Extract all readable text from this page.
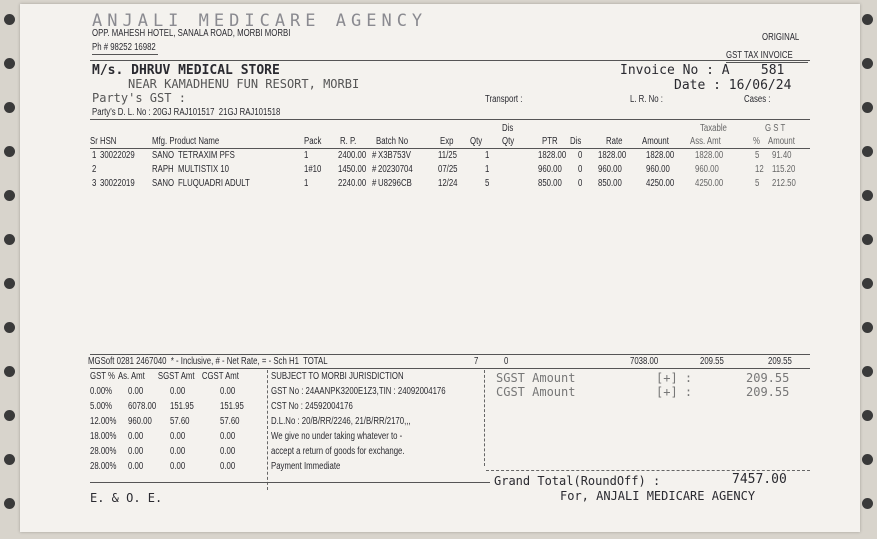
ANJALI MEDICARE AGENCY
OPP. MAHESH HOTEL, SANALA ROAD, MORBI MORBI
Ph # 98252 16982
ORIGINAL
GST TAX INVOICE
M/s. DHRUV MEDICAL STORE
NEAR KAMADHENU FUN RESORT, MORBI
Party's GST :
Party's D. L. No : 20GJ RAJ101517  21GJ RAJ101518
Invoice No : A    581
Date : 16/06/24
Transport :	L. R. No :	Cases :
Sr HSN	Mfg. Product Name	Pack R. P. Batch No	Exp Qty
Dis
Qty	PTR Dis Rate Amount
Taxable
Ass. Amt
G S T
% Amount
1 30022029 SANO TETRAXIM PFS	1	2400.00 # X3B753V	11/25	1	1828.00 0 1828.00 1828.00 1828.00	5 91.40
2	RAPH MULTISTIX 10	1#10 1450.00 # 20230704	07/25	1	960.00 0 960.00 960.00	960.00	12 115.20
3 30022019 SANO FLUQUADRI ADULT	1	2240.00 # U8296CB	12/24	5	850.00 0 850.00 4250.00 4250.00	5 212.50
MGSoft 0281 2467040  * - Inclusive, # - Net Rate, = - Sch H1  TOTAL	7	0	7038.00	209.55	209.55
GST % As. Amt SGST Amt CGST Amt
0.00% 0.00	0.00	0.00
5.00% 6078.00 151.95	151.95
12.00% 960.00 57.60	57.60
18.00% 0.00	0.00	0.00
28.00% 0.00	0.00	0.00
28.00% 0.00	0.00	0.00
SUBJECT TO MORBI JURISDICTION
GST No : 24AANPK3200E1Z3,TIN : 24092004176
CST No : 24592004176
D.L.No : 20/B/RR/2246, 21/B/RR/2170,,,
We give no under taking whatever to -
accept a return of goods for exchange.
Payment Immediate
SGST Amount	[+] :	209.55
CGST Amount	[+] :	209.55
Grand Total(RoundOff) :	7457.00
E. & O. E.	For, ANJALI MEDICARE AGENCY
